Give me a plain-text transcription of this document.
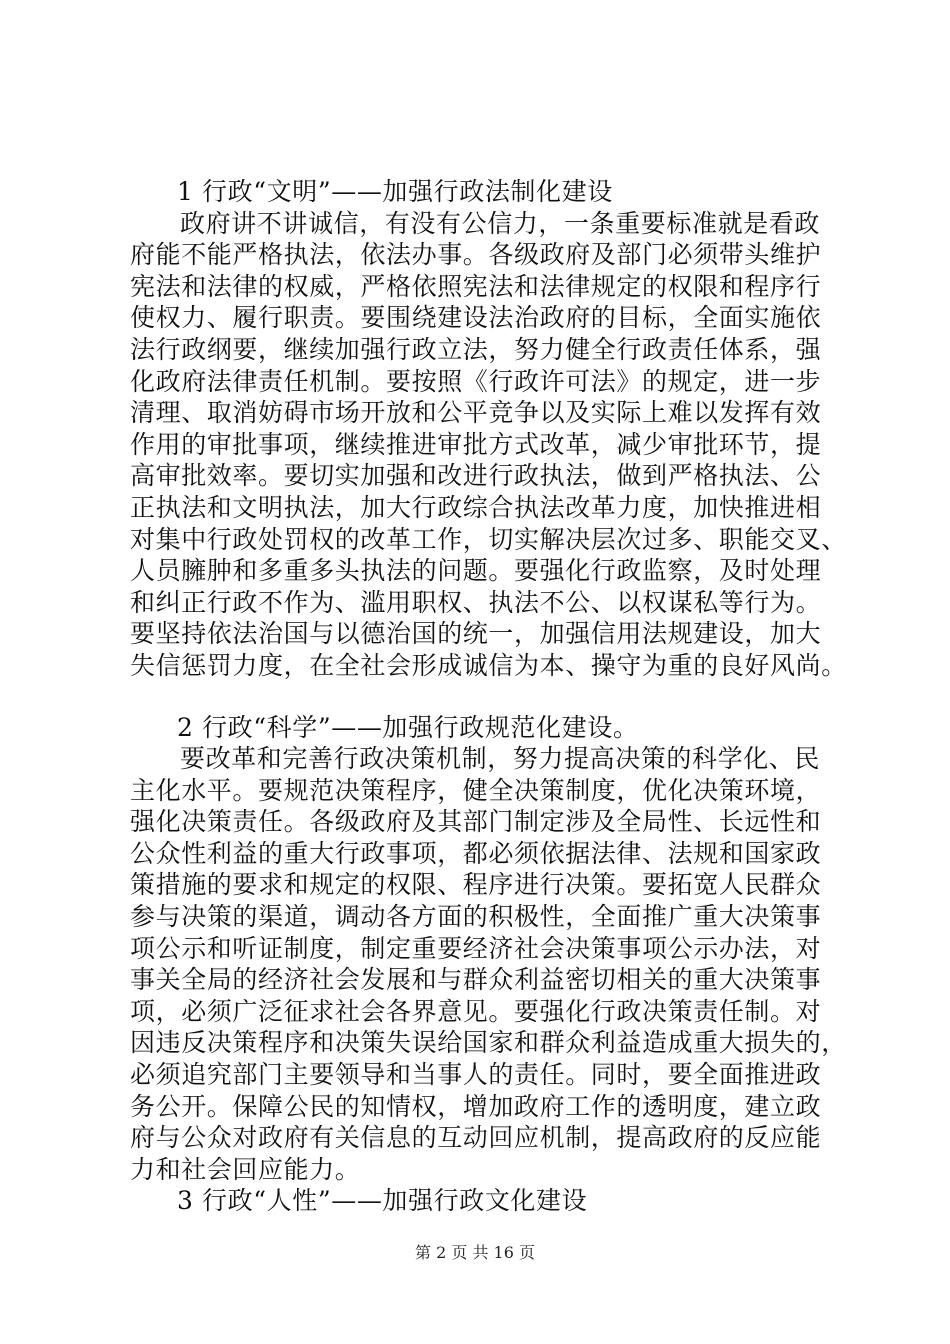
1 行政“文明”——加强行政法制化建设
政府讲不讲诚信，有没有公信力，一条重要标准就是看政
府能不能严格执法，依法办事。各级政府及部门必须带头维护
宪法和法律的权威，严格依照宪法和法律规定的权限和程序行
使权力、履行职责。要围绕建设法治政府的目标，全面实施依
法行政纲要，继续加强行政立法，努力健全行政责任体系，强
化政府法律责任机制。要按照《行政许可法》的规定，进一步
清理、取消妨碍市场开放和公平竞争以及实际上难以发挥有效
作用的审批事项，继续推进审批方式改革，减少审批环节，提
高审批效率。要切实加强和改进行政执法，做到严格执法、公
正执法和文明执法，加大行政综合执法改革力度，加快推进相
对集中行政处罚权的改革工作，切实解决层次过多、职能交叉、
人员臃肿和多重多头执法的问题。要强化行政监察，及时处理
和纠正行政不作为、滥用职权、执法不公、以权谋私等行为。
要坚持依法治国与以德治国的统一，加强信用法规建设，加大
失信惩罚力度，在全社会形成诚信为本、操守为重的良好风尚。
2 行政“科学”——加强行政规范化建设。
要改革和完善行政决策机制，努力提高决策的科学化、民
主化水平。要规范决策程序，健全决策制度，优化决策环境，
强化决策责任。各级政府及其部门制定涉及全局性、长远性和
公众性利益的重大行政事项，都必须依据法律、法规和国家政
策措施的要求和规定的权限、程序进行决策。要拓宽人民群众
参与决策的渠道，调动各方面的积极性，全面推广重大决策事
项公示和听证制度，制定重要经济社会决策事项公示办法，对
事关全局的经济社会发展和与群众利益密切相关的重大决策事
项，必须广泛征求社会各界意见。要强化行政决策责任制。对
因违反决策程序和决策失误给国家和群众利益造成重大损失的，
必须追究部门主要领导和当事人的责任。同时，要全面推进政
务公开。保障公民的知情权，增加政府工作的透明度，建立政
府与公众对政府有关信息的互动回应机制，提高政府的反应能
力和社会回应能力。
3 行政“人性”——加强行政文化建设
第 2 页 共 16 页
